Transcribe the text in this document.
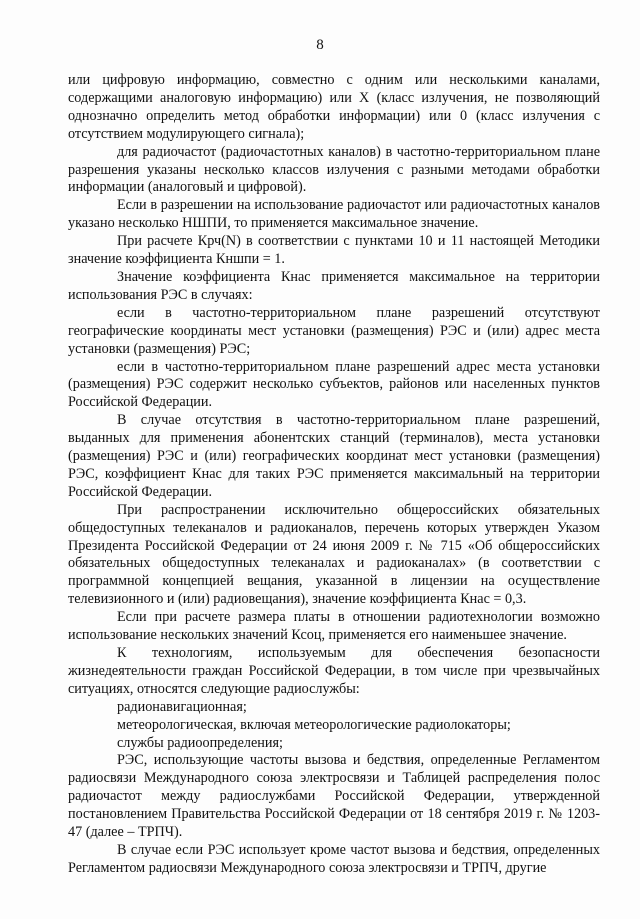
8

или цифровую информацию, совместно с одним или несколькими каналами, содержащими аналоговую информацию) или X (класс излучения, не позволяющий однозначно определить метод обработки информации) или 0 (класс излучения с отсутствием модулирующего сигнала);

для радиочастот (радиочастотных каналов) в частотно-территориальном плане разрешения указаны несколько классов излучения с разными методами обработки информации (аналоговый и цифровой).

Если в разрешении на использование радиочастот или радиочастотных каналов указано несколько НШПИ, то применяется максимальное значение.

При расчете Крч(N) в соответствии с пунктами 10 и 11 настоящей Методики значение коэффициента Кншпи = 1.

Значение коэффициента Кнас применяется максимальное на территории использования РЭС в случаях:

если в частотно-территориальном плане разрешений отсутствуют географические координаты мест установки (размещения) РЭС и (или) адрес места установки (размещения) РЭС;

если в частотно-территориальном плане разрешений адрес места установки (размещения) РЭС содержит несколько субъектов, районов или населенных пунктов Российской Федерации.

В случае отсутствия в частотно-территориальном плане разрешений, выданных для применения абонентских станций (терминалов), места установки (размещения) РЭС и (или) географических координат мест установки (размещения) РЭС, коэффициент Кнас для таких РЭС применяется максимальный на территории Российской Федерации.

При распространении исключительно общероссийских обязательных общедоступных телеканалов и радиоканалов, перечень которых утвержден Указом Президента Российской Федерации от 24 июня 2009 г. № 715 «Об общероссийских обязательных общедоступных телеканалах и радиоканалах» (в соответствии с программной концепцией вещания, указанной в лицензии на осуществление телевизионного и (или) радиовещания), значение коэффициента Кнас = 0,3.

Если при расчете размера платы в отношении радиотехнологии возможно использование нескольких значений Ксоц, применяется его наименьшее значение.

К технологиям, используемым для обеспечения безопасности жизнедеятельности граждан Российской Федерации, в том числе при чрезвычайных ситуациях, относятся следующие радиослужбы:

радионавигационная;

метеорологическая, включая метеорологические радиолокаторы;

службы радиоопределения;

РЭС, использующие частоты вызова и бедствия, определенные Регламентом радиосвязи Международного союза электросвязи и Таблицей распределения полос радиочастот между радиослужбами Российской Федерации, утвержденной постановлением Правительства Российской Федерации от 18 сентября 2019 г. № 1203-47 (далее – ТРПЧ).

В случае если РЭС использует кроме частот вызова и бедствия, определенных Регламентом радиосвязи Международного союза электросвязи и ТРПЧ, другие
